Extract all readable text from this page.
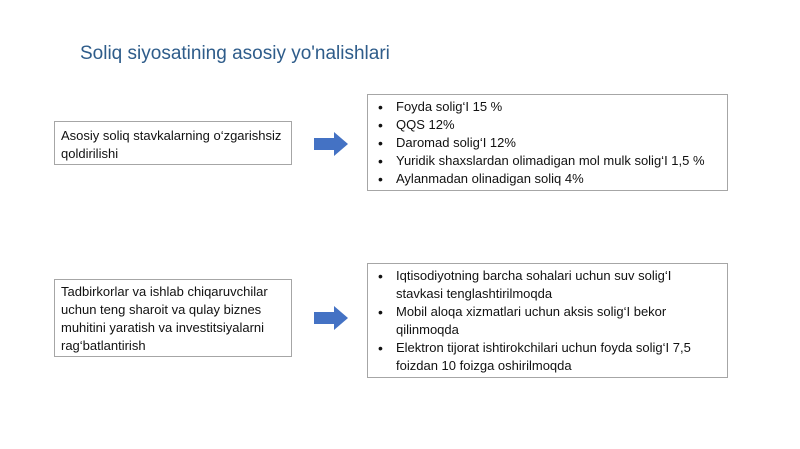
Soliq siyosatining asosiy yo'nalishlari
Asosiy soliq stavkalarning o‘zgarishsiz qoldirilishi
• Foyda solig‘I 15 %
• QQS 12%
• Daromad solig‘I 12%
• Yuridik shaxslardan olimadigan mol mulk solig‘I 1,5 %
• Aylanmadan olinadigan soliq 4%
Tadbirkorlar va ishlab chiqaruvchilar uchun teng sharoit va qulay biznes muhitini yaratish va investitsiyalarni rag‘batlantirish
• Iqtisodiyotning barcha sohalari uchun suv solig‘I stavkasi tenglashtirilmoqda
• Mobil aloqa xizmatlari uchun aksis solig‘I bekor qilinmoqda
• Elektron tijorat ishtirokchilari uchun foyda solig‘I 7,5 foizdan 10 foizga oshirilmoqda
